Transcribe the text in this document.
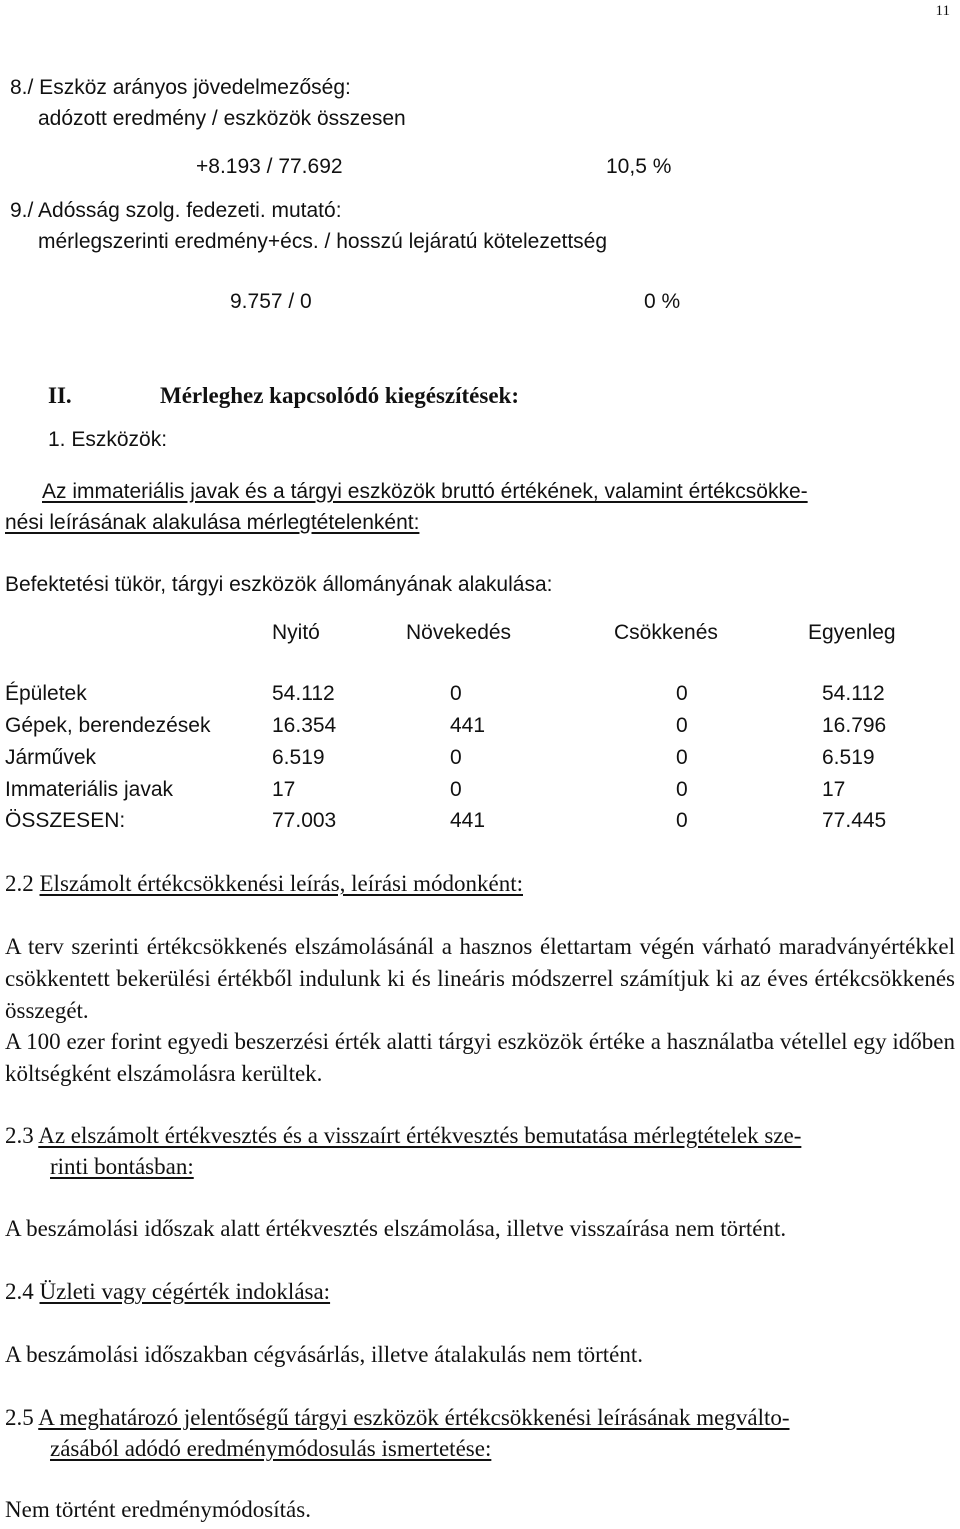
11
8./ Eszköz arányos jövedelmezőség:
adózott eredmény / eszközök összesen
+8.193 / 77.692	10,5 %
9./ Adósság szolg. fedezeti. mutató:
mérlegszerinti eredmény+écs. / hosszú lejáratú kötelezettség
9.757 / 0	0 %
II.	Mérleghez kapcsolódó kiegészítések:
1. Eszközök:
Az immateriális javak és a tárgyi eszközök bruttó értékének, valamint értékcsökke-
nési leírásának alakulása mérlegtételenként:
Befektetési tükör, tárgyi eszközök állományának alakulása:
Nyitó	Növekedés	Csökkenés	Egyenleg
Épületek	54.112	0	0	54.112
Gépek, berendezések	16.354	441	0	16.796
Járművek	6.519	0	0	6.519
Immateriális javak	17	0	0	17
ÖSSZESEN:	77.003	441	0	77.445
2.2 Elszámolt értékcsökkenési leírás, leírási módonként:
A terv szerinti értékcsökkenés elszámolásánál a hasznos élettartam végén várható maradványértékkel csökkentett bekerülési értékből indulunk ki és lineáris módszerrel számítjuk ki az éves értékcsökkenés összegét.
A 100 ezer forint egyedi beszerzési érték alatti tárgyi eszközök értéke a használatba vétellel egy időben költségként elszámolásra kerültek.
2.3 Az elszámolt értékvesztés és a visszaírt értékvesztés bemutatása mérlegtételek sze-
rinti bontásban:
A beszámolási időszak alatt értékvesztés elszámolása, illetve visszaírása nem történt.
2.4 Üzleti vagy cégérték indoklása:
A beszámolási időszakban cégvásárlás, illetve átalakulás nem történt.
2.5 A meghatározó jelentőségű tárgyi eszközök értékcsökkenési leírásának megválto-
zásából adódó eredménymódosulás ismertetése:
Nem történt eredménymódosítás.
